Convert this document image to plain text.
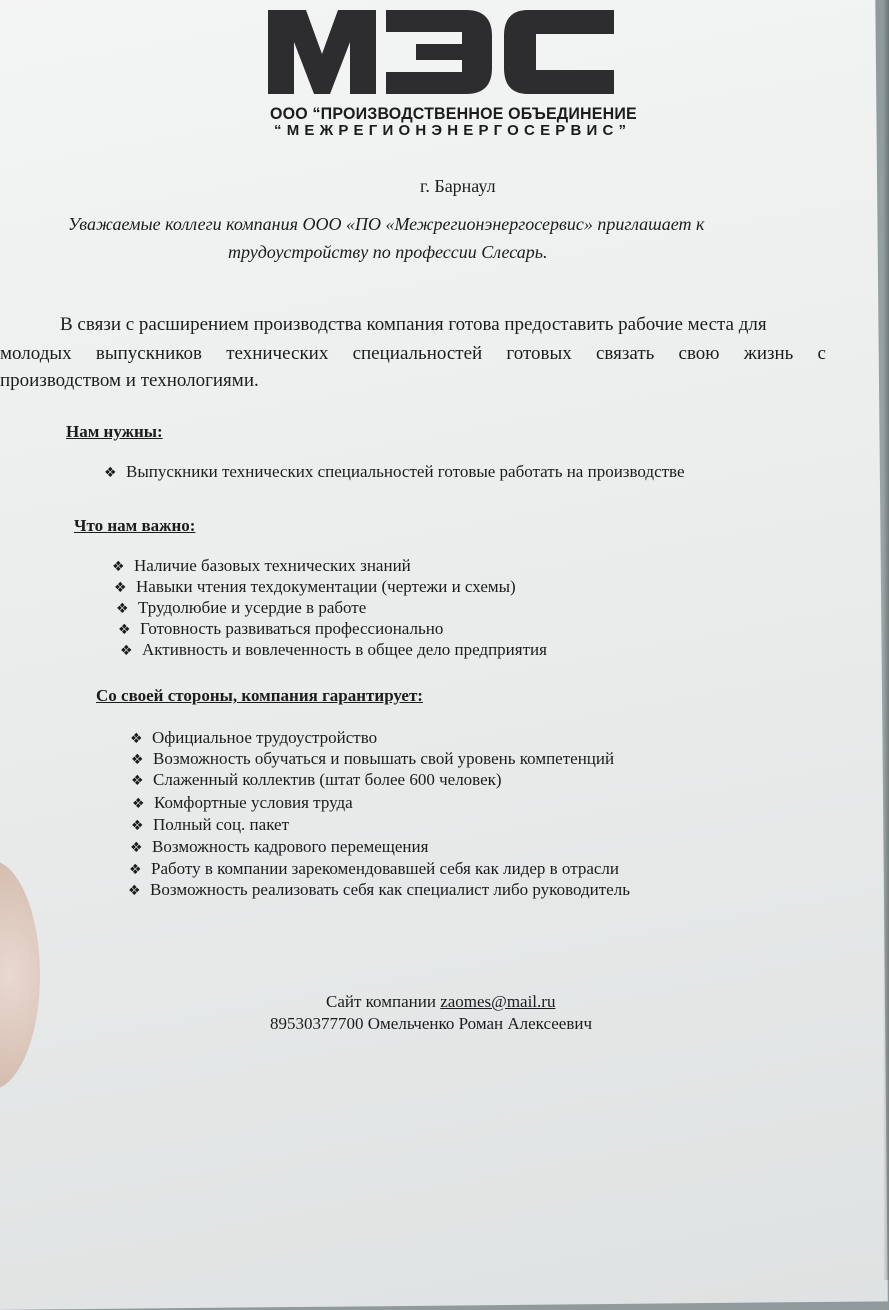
ООО “ПРОИЗВОДСТВЕННОЕ ОБЪЕДИНЕНИЕ
“МЕЖРЕГИОНЭНЕРГОСЕРВИС”
г. Барнаул
Уважаемые коллеги компания ООО «ПО «Межрегионэнергосервис» приглашает к
трудоустройству по профессии Слесарь.
В связи с расширением производства компания готова предоставить рабочие места для
молодых выпускников технических специальностей готовых связать свою жизнь с
производством и технологиями.
Нам нужны:
❖ Выпускники технических специальностей готовые работать на производстве
Что нам важно:
❖ Наличие базовых технических знаний
❖ Навыки чтения техдокументации (чертежи и схемы)
❖ Трудолюбие и усердие в работе
❖ Готовность развиваться профессионально
❖ Активность и вовлеченность в общее дело предприятия
Со своей стороны, компания гарантирует:
❖ Официальное трудоустройство
❖ Возможность обучаться и повышать свой уровень компетенций
❖ Слаженный коллектив (штат более 600 человек)
❖ Комфортные условия труда
❖ Полный соц. пакет
❖ Возможность кадрового перемещения
❖ Работу в компании зарекомендовавшей себя как лидер в отрасли
❖ Возможность реализовать себя как специалист либо руководитель
Сайт компании zaomes@mail.ru
89530377700 Омельченко Роман Алексеевич
